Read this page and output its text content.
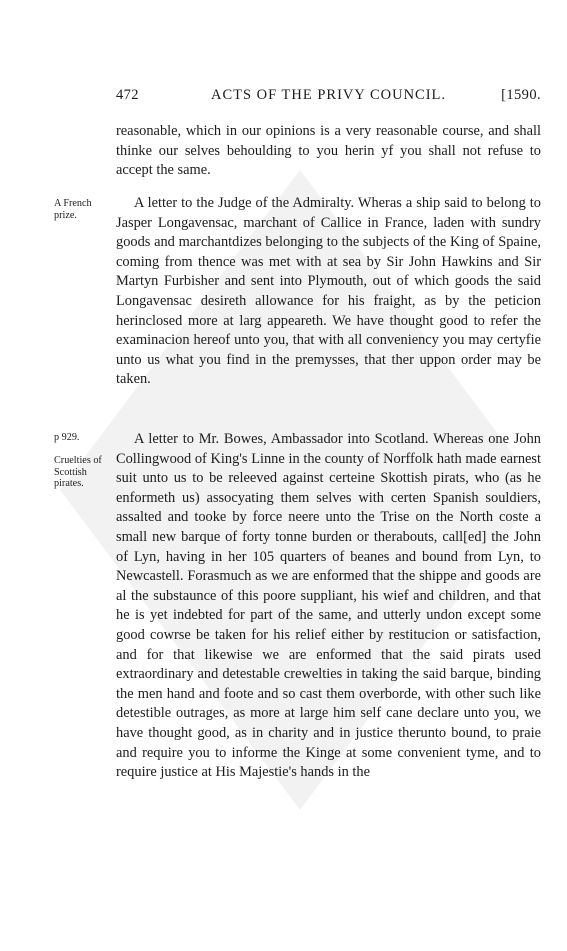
472	ACTS OF THE PRIVY COUNCIL.	[1590.

reasonable, which in our opinions is a very reasonable course, and shall thinke our selves behoulding to you herin yf you shall not refuse to accept the same.

A French prize.

A letter to the Judge of the Admiralty. Wheras a ship said to belong to Jasper Longavensac, marchant of Callice in France, laden with sundry goods and marchantdizes belonging to the subjects of the King of Spaine, coming from thence was met with at sea by Sir John Hawkins and Sir Martyn Furbisher and sent into Plymouth, out of which goods the said Longavensac desireth allowance for his fraight, as by the peticion herinclosed more at larg appeareth. We have thought good to refer the examinacion hereof unto you, that with all conveniency you may certyfie unto us what you find in the premysses, that ther uppon order may be taken.

p 929.

Cruelties of Scottish pirates.

A letter to Mr. Bowes, Ambassador into Scotland. Whereas one John Collingwood of King's Linne in the county of Norffolk hath made earnest suit unto us to be releeved against certeine Skottish pirats, who (as he enformeth us) assocyating them selves with certen Spanish souldiers, assalted and tooke by force neere unto the Trise on the North coste a small new barque of forty tonne burden or therabouts, call[ed] the John of Lyn, having in her 105 quarters of beanes and bound from Lyn, to Newcastell. Forasmuch as we are enformed that the shippe and goods are al the substaunce of this poore suppliant, his wief and children, and that he is yet indebted for part of the same, and utterly undon except some good cowrse be taken for his relief either by restitucion or satisfaction, and for that likewise we are enformed that the said pirats used extraordinary and detestable crewelties in taking the said barque, binding the men hand and foote and so cast them overborde, with other such like detestible outrages, as more at large him self cane declare unto you, we have thought good, as in charity and in justice therunto bound, to praie and require you to informe the Kinge at some convenient tyme, and to require justice at His Majestie's hands in the
